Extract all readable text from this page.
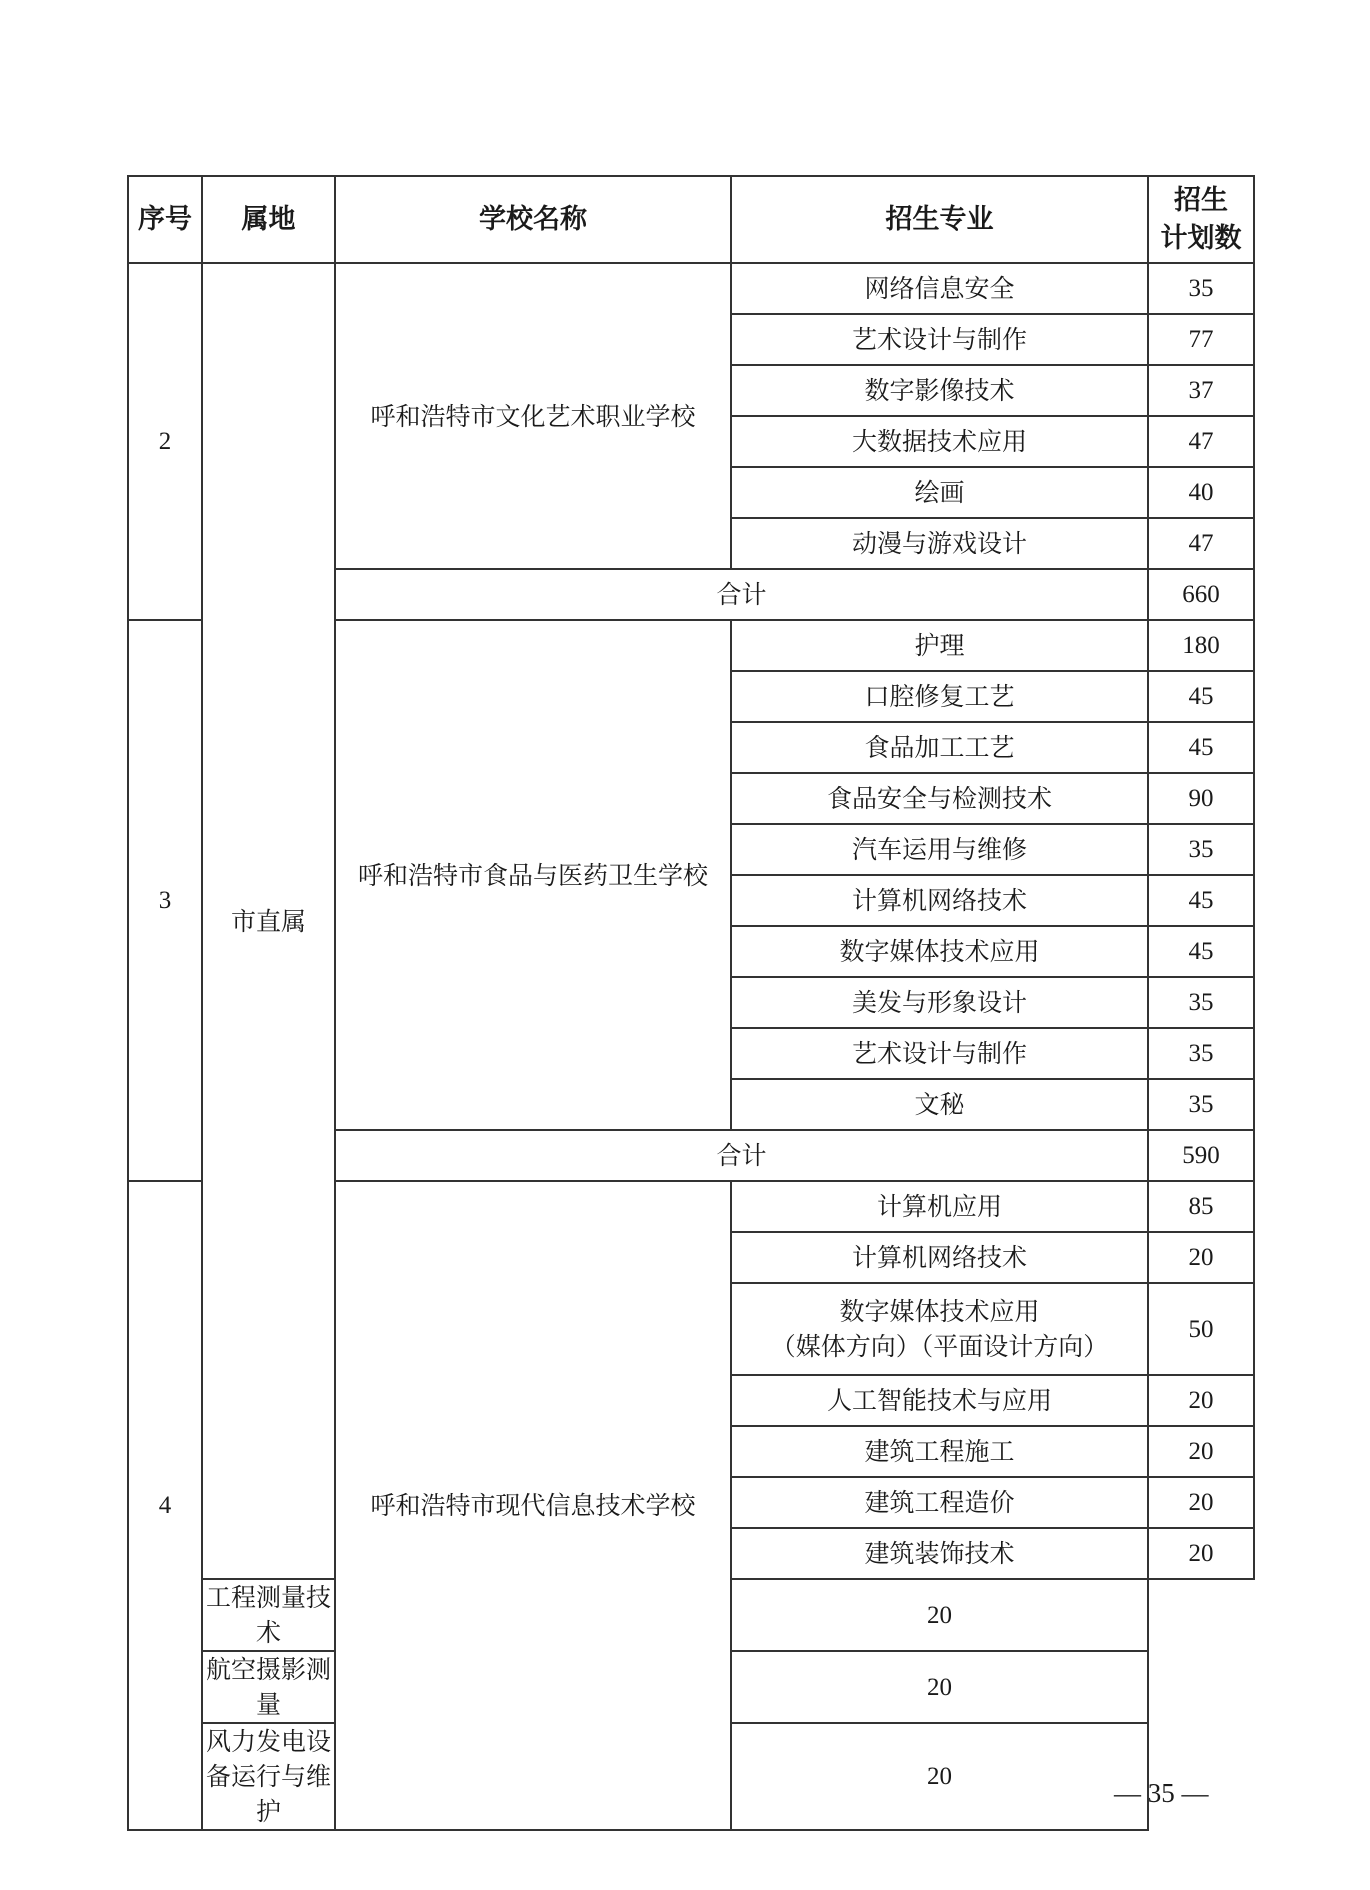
序号	属地	学校名称	招生专业	招生
计划数

2	市直属	呼和浩特市文化艺术职业学校	网络信息安全	35
			艺术设计与制作	77
			数字影像技术	37
			大数据技术应用	47
			绘画	40
			动漫与游戏设计	47
		合计		660
3		呼和浩特市食品与医药卫生学校	护理	180
			口腔修复工艺	45
			食品加工工艺	45
			食品安全与检测技术	90
			汽车运用与维修	35
			计算机网络技术	45
			数字媒体技术应用	45
			美发与形象设计	35
			艺术设计与制作	35
			文秘	35
		合计		590
4		呼和浩特市现代信息技术学校	计算机应用	85
			计算机网络技术	20

			数字媒体技术应用
（媒体方向）（平面设计方向）	50
			人工智能技术与应用	20
			建筑工程施工	20
			建筑工程造价	20
			建筑装饰技术	20
	工程测量技术		20	
	航空摄影测量		20	
	风力发电设备运行与维护		20	
— 35 —
